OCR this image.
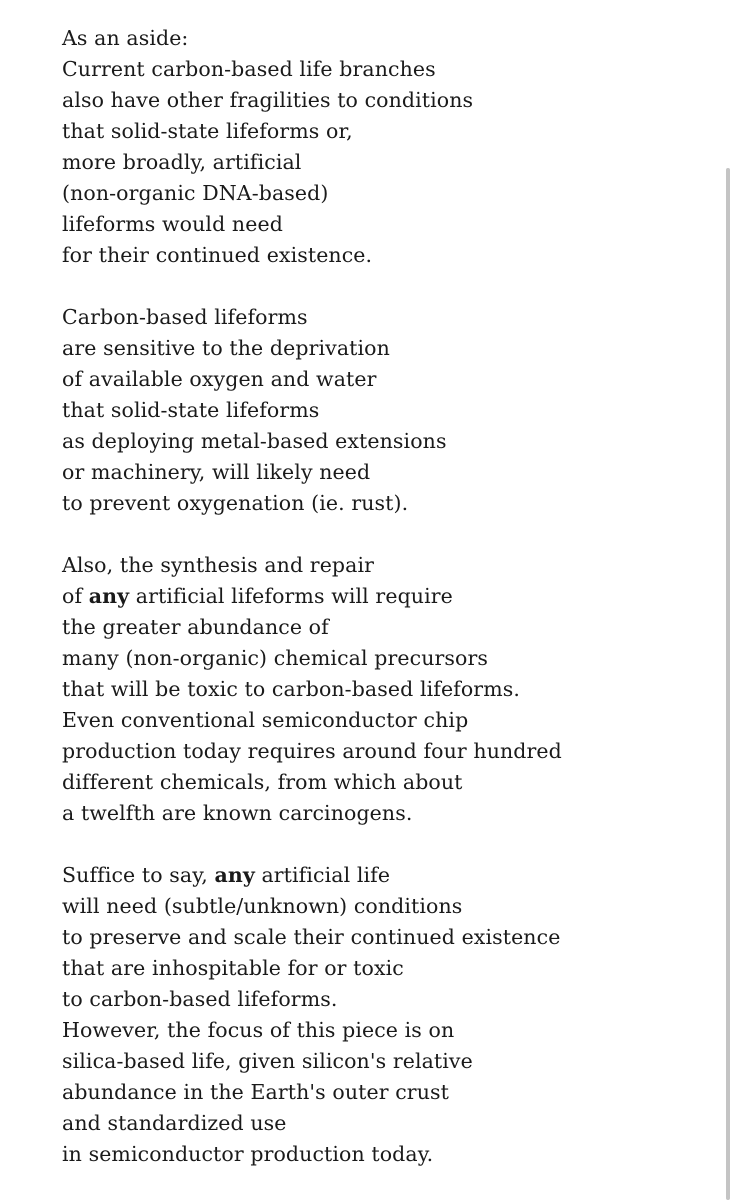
As an aside:
Current carbon-based life branches
also have other fragilities to conditions
that solid-state lifeforms or,
more broadly, artificial
(non-organic DNA-based)
lifeforms would need
for their continued existence.
Carbon-based lifeforms
are sensitive to the deprivation
of available oxygen and water
that solid-state lifeforms
as deploying metal-based extensions
or machinery, will likely need
to prevent oxygenation (ie. rust).
Also, the synthesis and repair
of any artificial lifeforms will require
the greater abundance of
many (non-organic) chemical precursors
that will be toxic to carbon-based lifeforms.
Even conventional semiconductor chip
production today requires around four hundred
different chemicals, from which about
a twelfth are known carcinogens.
Suffice to say, any artificial life
will need (subtle/unknown) conditions
to preserve and scale their continued existence
that are inhospitable for or toxic
to carbon-based lifeforms.
However, the focus of this piece is on
silica-based life, given silicon's relative
abundance in the Earth's outer crust
and standardized use
in semiconductor production today.
